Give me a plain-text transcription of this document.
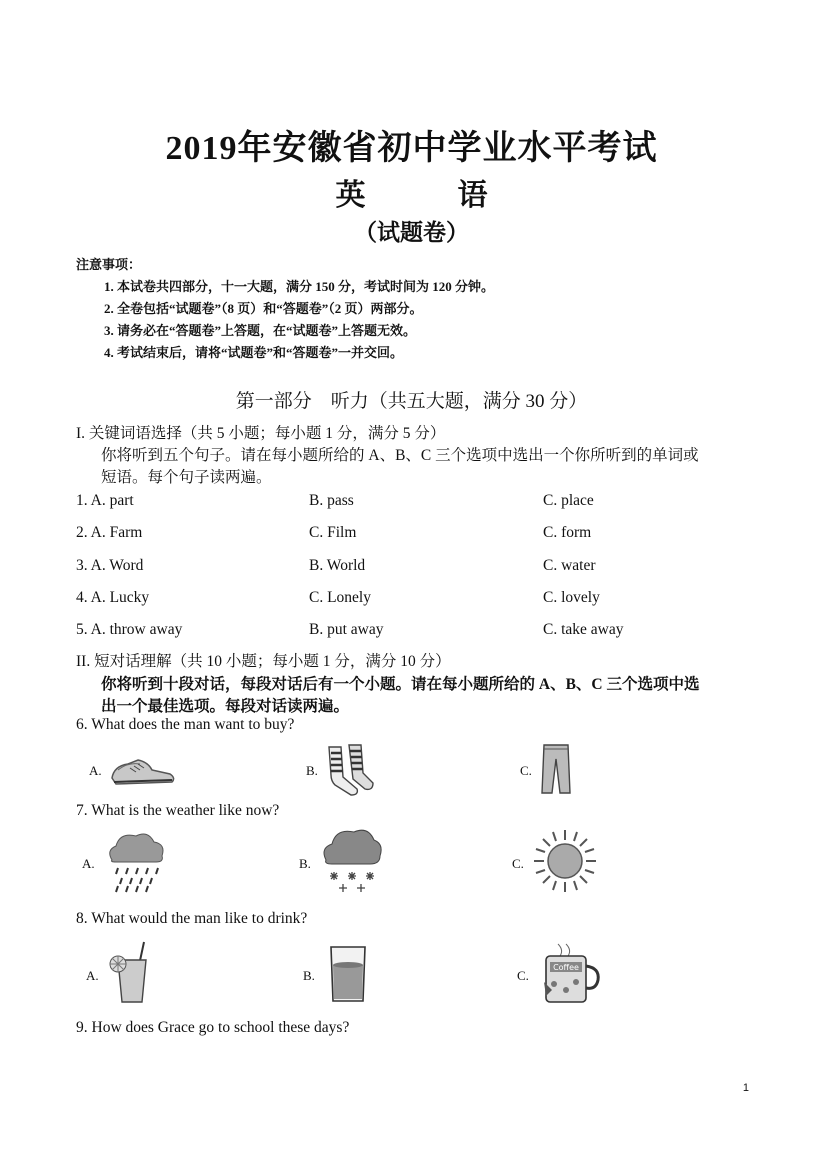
2019年安徽省初中学业水平考试
英	语
（试题卷）
注意事项：
1. 本试卷共四部分，十一大题，满分 150 分，考试时间为 120 分钟。
2. 全卷包括“试题卷”（8 页）和“答题卷”（2 页）两部分。
3. 请务必在“答题卷”上答题，在“试题卷”上答题无效。
4. 考试结束后，请将“试题卷”和“答题卷”一并交回。
第一部分　听力（共五大题，满分 30 分）
I. 关键词语选择（共 5 小题；每小题 1 分，满分 5 分）
你将听到五个句子。请在每小题所给的 A、B、C 三个选项中选出一个你所听到的单词或
短语。每个句子读两遍。
1. A. part	B. pass	C. place
2. A. Farm	C. Film	C. form
3. A. Word	B. World	C. water
4. A. Lucky	C. Lonely	C. lovely
5. A. throw away	B. put away	C. take away
II. 短对话理解（共 10 小题；每小题 1 分，满分 10 分）
你将听到十段对话，每段对话后有一个小题。请在每小题所给的 A、B、C 三个选项中选
出一个最佳选项。每段对话读两遍。
6. What does the man want to buy?
A.	B.	C.
7. What is the weather like now?
A.	B.	C.
8. What would the man like to drink?
A.	B.	C.
Coffee
9. How does Grace go to school these days?
1
